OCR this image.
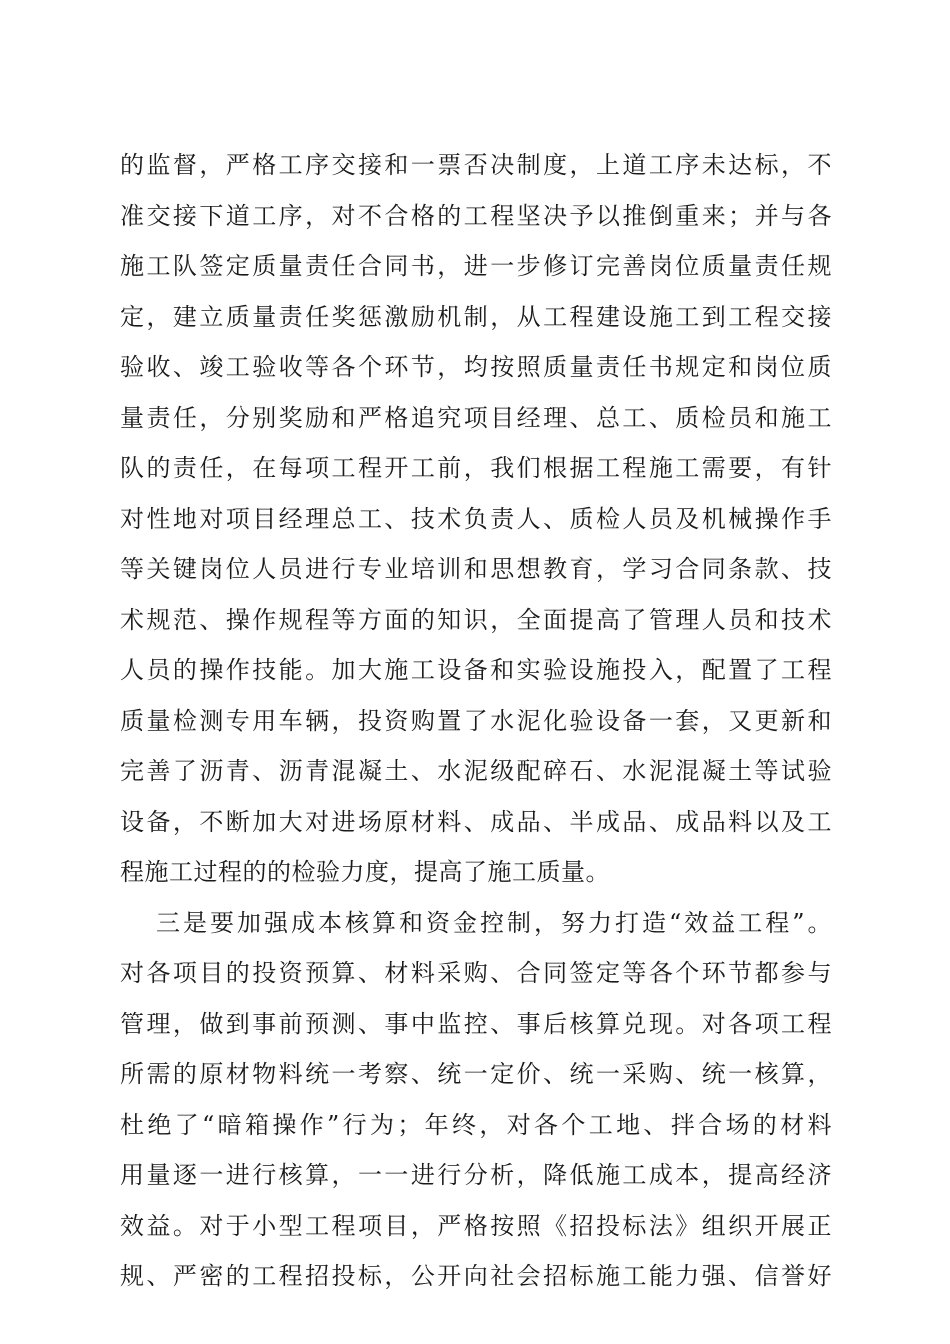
的监督，严格工序交接和一票否决制度，上道工序未达标，不
准交接下道工序，对不合格的工程坚决予以推倒重来；并与各
施工队签定质量责任合同书，进一步修订完善岗位质量责任规
定，建立质量责任奖惩激励机制，从工程建设施工到工程交接
验收、竣工验收等各个环节，均按照质量责任书规定和岗位质
量责任，分别奖励和严格追究项目经理、总工、质检员和施工
队的责任，在每项工程开工前，我们根据工程施工需要，有针
对性地对项目经理总工、技术负责人、质检人员及机械操作手
等关键岗位人员进行专业培训和思想教育，学习合同条款、技
术规范、操作规程等方面的知识，全面提高了管理人员和技术
人员的操作技能。加大施工设备和实验设施投入，配置了工程
质量检测专用车辆，投资购置了水泥化验设备一套，又更新和
完善了沥青、沥青混凝土、水泥级配碎石、水泥混凝土等试验
设备，不断加大对进场原材料、成品、半成品、成品料以及工
程施工过程的的检验力度，提高了施工质量。
三是要加强成本核算和资金控制，努力打造“效益工程”。
对各项目的投资预算、材料采购、合同签定等各个环节都参与
管理，做到事前预测、事中监控、事后核算兑现。对各项工程
所需的原材物料统一考察、统一定价、统一采购、统一核算，
杜绝了“暗箱操作”行为；年终，对各个工地、拌合场的材料
用量逐一进行核算，一一进行分析，降低施工成本，提高经济
效益。对于小型工程项目，严格按照《招投标法》组织开展正
规、严密的工程招投标，公开向社会招标施工能力强、信誉好
